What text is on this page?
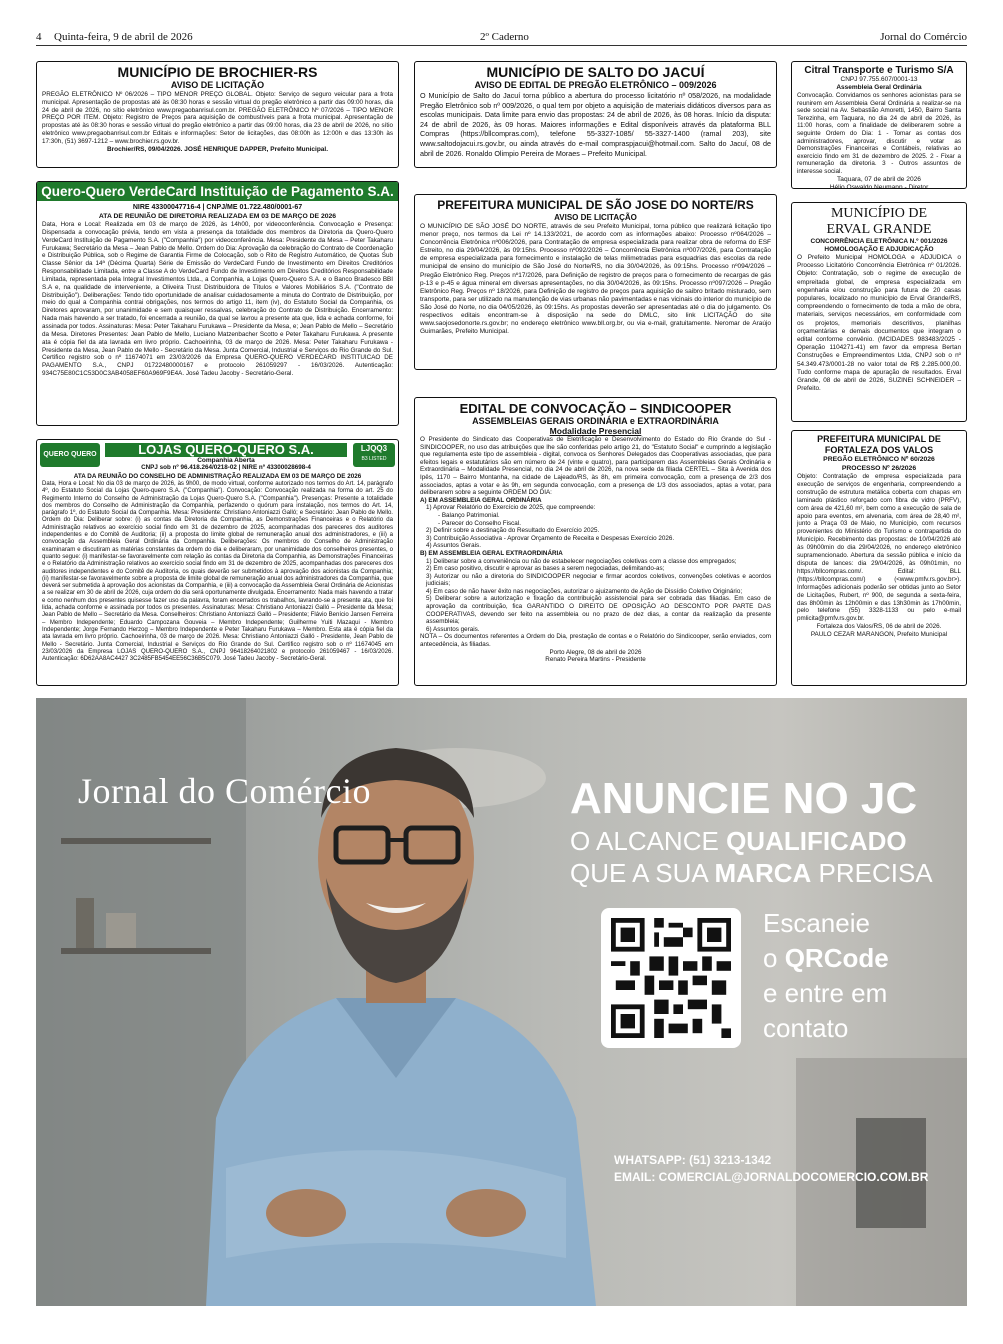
4 Quinta-feira, 9 de abril de 2026	2º Caderno	Jornal do Comércio
MUNICÍPIO DE BROCHIER-RS
AVISO DE LICITAÇÃO
PREGÃO ELETRÔNICO Nº 06/2026 – TIPO MENOR PREÇO GLOBAL. Objeto: Serviço de seguro veicular para a frota municipal. Apresentação de propostas até às 08:30 horas e sessão virtual do pregão eletrônico a partir das 09:00 horas, dia 24 de abril de 2026, no sítio eletrônico www.pregaobanrisul.com.br. PREGÃO ELETRÔNICO Nº 07/2026 – TIPO MENOR PREÇO POR ITEM. Objeto: Registro de Preços para aquisição de combustíveis para a frota municipal. Apresentação de propostas até às 08:30 horas e sessão virtual do pregão eletrônico a partir das 09:00 horas, dia 23 de abril de 2026, no sítio eletrônico www.pregaobanrisul.com.br Editais e informações: Setor de licitações, das 08:00h às 12:00h e das 13:30h às 17:30h, (51) 3697-1212 – www.brochier.rs.gov.br.
Brochier/RS, 09/04/2026. JOSÉ HENRIQUE DAPPER, Prefeito Municipal.
MUNICÍPIO DE SALTO DO JACUÍ
AVISO DE EDITAL DE PREGÃO ELETRÔNICO – 009/2026
O Município de Salto do Jacuí torna público a abertura do processo licitatório nº 058/2026, na modalidade Pregão Eletrônico sob nº 009/2026, o qual tem por objeto a aquisição de materiais didáticos diversos para as escolas municipais. Data limite para envio das propostas: 24 de abril de 2026, às 08 horas. Início da disputa: 24 de abril de 2026, às 09 horas. Maiores informações e Edital disponíveis através da plataforma BLL Compras (https://bllcompras.com), telefone 55-3327-1085/ 55-3327-1400 (ramal 203), site www.saltodojacui.rs.gov.br, ou ainda através do e-mail compraspjacui@hotmail.com. Salto do Jacuí, 08 de abril de 2026. Ronaldo Olimpio Pereira de Moraes – Prefeito Municipal.
Citral Transporte e Turismo S/A
CNPJ 97.755.607/0001-13
Assembleia Geral Ordinária
Convocação. Convidamos os senhores acionistas para se reunirem em Assembleia Geral Ordinária a realizar-se na sede social na Av. Sebastião Amoretti, 1450, Bairro Santa Terezinha, em Taquara, no dia 24 de abril de 2026, às 11:00 horas, com a finalidade de deliberarem sobre a seguinte Ordem do Dia: 1 - Tomar as contas dos administradores, aprovar, discutir e votar as Demonstrações Financeiras e Contábeis, relativas ao exercício findo em 31 de dezembro de 2025. 2 - Fixar a remuneração da diretoria. 3 - Outros assuntos de interesse social.
Taquara, 07 de abril de 2026
Hélio Oswaldo Neumann - Diretor
Quero-Quero VerdeCard Instituição de Pagamento S.A.
NIRE 43300047716-4 | CNPJ/ME 01.722.480/0001-67
ATA DE REUNIÃO DE DIRETORIA REALIZADA EM 03 DE MARÇO DE 2026
Data, Hora e Local: Realizada em 03 de março de 2026, às 14h00, por videoconferência. Convocação e Presença: Dispensada a convocação prévia, tendo em vista a presença da totalidade dos membros da Diretoria da Quero-Quero VerdeCard Instituição de Pagamento S.A. ("Companhia") por videoconferência. Mesa: Presidente da Mesa – Peter Takaharu Furukawa; Secretário da Mesa – Jean Pablo de Mello. Ordem do Dia: Aprovação da celebração do Contrato de Coordenação e Distribuição Pública, sob o Regime de Garantia Firme de Colocação, sob o Rito de Registro Automático, de Quotas Sub Classe Sênior da 14ª (Décima Quarta) Série de Emissão do VerdeCard Fundo de Investimento em Direitos Creditórios Responsabilidade Limitada, entre a Classe A do VerdeCard Fundo de Investimento em Direitos Creditórios Responsabilidade Limitada, representada pela Integral Investimentos Ltda., a Companhia, a Lojas Quero-Quero S.A. e o Banco Bradesco BBI S.A e, na qualidade de interveniente, a Oliveira Trust Distribuidora de Títulos e Valores Mobiliários S.A. ("Contrato de Distribuição"). Deliberações: Tendo tido oportunidade de analisar cuidadosamente a minuta do Contrato de Distribuição, por meio do qual a Companhia contrai obrigações, nos termos do artigo 11, item (iv), do Estatuto Social da Companhia, os Diretores aprovaram, por unanimidade e sem quaisquer ressalvas, celebração do Contrato de Distribuição. Encerramento: Nada mais havendo a ser tratado, foi encerrada a reunião, da qual se lavrou a presente ata que, lida e achada conforme, foi assinada por todos. Assinaturas: Mesa: Peter Takaharu Furukawa – Presidente da Mesa, e; Jean Pablo de Mello – Secretário da Mesa. Diretores Presentes: Jean Pablo de Mello, Luciano Matzenbacher Scotto e Peter Takaharu Furukawa. A presente ata é cópia fiel da ata lavrada em livro próprio. Cachoeirinha, 03 de março de 2026. Mesa: Peter Takaharu Furukawa - Presidente da Mesa, Jean Pablo de Mello - Secretário da Mesa. Junta Comercial, Industrial e Serviços do Rio Grande do Sul. Certifico registro sob o nº 11674071 em 23/03/2026 da Empresa QUERO-QUERO VERDECARD INSTITUICAO DE PAGAMENTO S.A., CNPJ 01722480000167 e protocolo 261059297 - 16/03/2026. Autenticação: 934C75E80C1C53D0C3AB4058EF60A969F9E4A. José Tadeu Jacoby - Secretário-Geral.
PREFEITURA MUNICIPAL DE SÃO JOSE DO NORTE/RS
AVISO DE LICITAÇÃO
O MUNICÍPIO DE SÃO JOSÉ DO NORTE, através de seu Prefeito Municipal, torna público que realizará licitação tipo menor preço, nos termos da Lei nº 14.133/2021, de acordo com as informações abaixo: Processo nº064/2026 – Concorrência Eletrônica nº006/2026, para Contratação de empresa especializada para realizar obra de reforma do ESF Estreito, no dia 29/04/2026, às 09:15hs. Processo nº092/2026 – Concorrência Eletrônica nº007/2026, para Contratação de empresa especializada para fornecimento e instalação de telas milimetradas para esquadrias das escolas da rede municipal de ensino do município de São José do Norte/RS, no dia 30/04/2026, às 09:15hs. Processo nº094/2026 – Pregão Eletrônico Reg. Preços nº17/2026, para Definição de registro de preços para o fornecimento de recargas de gás p-13 e p-45 e água mineral em diversas apresentações, no dia 30/04/2026, às 09:15hs. Processo nº097/2026 – Pregão Eletrônico Reg. Preços nº 18/2026, para Definição de registro de preços para aquisição de saibro britado misturado, sem transporte, para ser utilizado na manutenção de vias urbanas não pavimentadas e nas vicinais do interior do município de São José do Norte, no dia 04/05/2026, às 09:15hs. As propostas deverão ser apresentadas até o dia do julgamento. Os respectivos editais encontram-se à disposição na sede do DMLC, sito link LICITAÇÃO do site www.saojosedonorte.rs.gov.br; no endereço eletrônico www.bll.org.br, ou via e-mail, gratuitamente. Neromar de Araújo Guimarães, Prefeito Municipal.
MUNICÍPIO DE
ERVAL GRANDE
CONCORRÊNCIA ELETRÔNICA N.º 001/2026
HOMOLOGAÇÃO E ADJUDICAÇÃO
O Prefeito Municipal HOMOLOGA e ADJUDICA o Processo Licitatório Concorrência Eletrônica nº 01/2026. Objeto: Contratação, sob o regime de execução de empreitada global, de empresa especializada em engenharia e/ou construção para futura de 20 casas populares, localizado no município de Erval Grande/RS, compreendendo o fornecimento de toda a mão de obra, materiais, serviços necessários, em conformidade com os projetos, memoriais descritivos, planilhas orçamentárias e demais documentos que integram o edital conforme convênio. (MCIDADES 983483/2025 - Operação 1104271-41) em favor da empresa Bertan Construções e Empreendimentos Ltda, CNPJ sob o nº 54.349.473/0001-28 no valor total de R$ 2.285.000,00. Tudo conforme mapa de apuração de resultados. Erval Grande, 08 de abril de 2026, SUZINEI SCHNEIDER – Prefeito.
QUERO QUERO	LOJAS QUERO-QUERO S.A.
Companhia Aberta
CNPJ sob nº 96.418.264/0218-02 | NIRE nº 43300028698-4
LJQQ3
B3 LISTED
ATA DA REUNIÃO DO CONSELHO DE ADMINISTRAÇÃO REALIZADA EM 03 DE MARÇO DE 2026
Data, Hora e Local: No dia 03 de março de 2026, às 9h00, de modo virtual, conforme autorizado nos termos do Art. 14, parágrafo 4º, do Estatuto Social da Lojas Quero-quero S.A. ("Companhia"). Convocação: Convocação realizada na forma do art. 25 do Regimento Interno do Conselho de Administração da Lojas Quero-Quero S.A. ("Companhia"). Presenças: Presente a totalidade dos membros do Conselho de Administração da Companhia, perfazendo o quórum para instalação, nos termos do Art. 14, parágrafo 1º, do Estatuto Social da Companhia. Mesa: Presidente: Christiano Antoniazzi Galló; e Secretário: Jean Pablo de Mello. Ordem do Dia: Deliberar sobre: (i) as contas da Diretoria da Companhia, as Demonstrações Financeiras e o Relatório da Administração relativos ao exercício social findo em 31 de dezembro de 2025, acompanhadas dos pareceres dos auditores independentes e do Comitê de Auditoria; (ii) a proposta do limite global de remuneração anual dos administradores, e (iii) a convocação da Assembleia Geral Ordinária da Companhia. Deliberações: Os membros do Conselho de Administração examinaram e discutiram as matérias constantes da ordem do dia e deliberaram, por unanimidade dos conselheiros presentes, o quanto segue: (i) manifestar-se favoravelmente com relação às contas da Diretoria da Companhia, as Demonstrações Financeiras e o Relatório da Administração relativos ao exercício social findo em 31 de dezembro de 2025, acompanhadas dos pareceres dos auditores independentes e do Comitê de Auditoria, os quais deverão ser submetidos à aprovação dos acionistas da Companhia; (ii) manifestar-se favoravelmente sobre a proposta de limite global de remuneração anual dos administradores da Companhia, que deverá ser submetida à aprovação dos acionistas da Companhia, e (iii) a convocação da Assembleia Geral Ordinária de Acionistas a se realizar em 30 de abril de 2026, cuja ordem do dia será oportunamente divulgada. Encerramento: Nada mais havendo a tratar e como nenhum dos presentes quisesse fazer uso da palavra, foram encerrados os trabalhos, lavrando-se a presente ata, que foi lida, achada conforme e assinada por todos os presentes. Assinaturas: Mesa: Christiano Antoniazzi Galló – Presidente da Mesa; Jean Pablo de Mello – Secretário da Mesa. Conselheiros: Christiano Antoniazzi Galló – Presidente; Flávio Benício Jansen Ferreira – Membro Independente; Eduardo Campozana Gouveia – Membro Independente; Guilherme Yuiti Mazaqui - Membro Independente; Jorge Fernando Herzog – Membro Independente e Peter Takaharu Furukawa – Membro. Esta ata é cópia fiel da ata lavrada em livro próprio. Cachoeirinha, 03 de março de 2026. Mesa: Christiano Antoniazzi Galló - Presidente, Jean Pablo de Mello - Secretário. Junta Comercial, Industrial e Serviços do Rio Grande do Sul. Certifico registro sob o nº 11674045 em 23/03/2026 da Empresa LOJAS QUERO-QUERO S.A., CNPJ 96418264021802 e protocolo 261059467 - 16/03/2026. Autenticação: 6D62AA8AC4427 3C2485FB5454EE56C36B5C079. José Tadeu Jacoby - Secretário-Geral.
EDITAL DE CONVOCAÇÃO – SINDICOOPER
ASSEMBLEIAS GERAIS ORDINÁRIA e EXTRAORDINÁRIA
Modalidade Presencial
O Presidente do Sindicato das Cooperativas de Eletrificação e Desenvolvimento do Estado do Rio Grande do Sul - SINDICOOPER, no uso das atribuições que lhe são conferidas pelo artigo 21, do "Estatuto Social" e cumprindo a legislação que regulamenta este tipo de assembleia - digital, convoca os Senhores Delegados das Cooperativas associadas, que para efeitos legais e estatutários são em número de 24 (vinte e quatro), para participarem das Assembleias Gerais Ordinária e Extraordinária – Modalidade Presencial, no dia 24 de abril de 2026, na nova sede da filiada CERTEL – Sita à Avenida dos Ipês, 1170 – Bairro Montanha, na cidade de Lajeado/RS, às 8h, em primeira convocação, com a presença de 2/3 dos associados, aptas a votar e às 9h, em segunda convocação, com a presença de 1/3 dos associados, aptas a votar, para deliberarem sobre a seguinte ORDEM DO DIA:
A) EM ASSEMBLEIA GERAL ORDINÁRIA
1) Aprovar Relatório do Exercício de 2025, que compreende:
- Balanço Patrimonial.
- Parecer do Conselho Fiscal.
2) Definir sobre a destinação do Resultado do Exercício 2025.
3) Contribuição Associativa - Aprovar Orçamento de Receita e Despesas Exercício 2026.
4) Assuntos Gerais.
B) EM ASSEMBLEIA GERAL EXTRAORDINÁRIA
1) Deliberar sobre a conveniência ou não de estabelecer negociações coletivas com a classe dos empregados;
2) Em caso positivo, discutir e aprovar as bases a serem negociadas, delimitando-as;
3) Autorizar ou não a diretoria do SINDICOOPER negociar e firmar acordos coletivos, convenções coletivas e acordos judiciais;
4) Em caso de não haver êxito nas negociações, autorizar o ajuizamento de Ação de Dissídio Coletivo Originário;
5) Deliberar sobre a autorização e fixação da contribuição assistencial para ser cobrada das filiadas. Em caso de aprovação da contribuição, fica GARANTIDO O DIREITO DE OPOSIÇÃO AO DESCONTO POR PARTE DAS COOPERATIVAS, devendo ser feito na assembleia ou no prazo de dez dias, a contar da realização da presente assembleia;
6) Assuntos gerais.
NOTA – Os documentos referentes a Ordem do Dia, prestação de contas e o Relatório do Sindicooper, serão enviados, com antecedência, às filiadas.
Porto Alegre, 08 de abril de 2026
Renato Pereira Martins - Presidente
PREFEITURA MUNICIPAL DE FORTALEZA DOS VALOS
PREGÃO ELETRÔNICO Nº 60/2026
PROCESSO Nº 26/2026
Objeto: Contratação de empresa especializada para execução de serviços de engenharia, compreendendo a construção de estrutura metálica coberta com chapas em laminado plástico reforçado com fibra de vidro (PRFV), com área de 421,60 m², bem como a execução de sala de apoio para eventos, em alvenaria, com área de 28,40 m², junto a Praça 03 de Maio, no Município, com recursos provenientes do Ministério do Turismo e contrapartida do Município. Recebimento das propostas: de 10/04/2026 até às 09h00min do dia 29/04/2026, no endereço eletrônico supramencionado. Abertura da sessão pública e início da disputa de lances: dia 29/04/2026, às 09h01min, no https://bllcompras.com/. Edital: BLL (https://bllcompras.com/) e (<www.pmfv.rs.gov.br>). Informações adicionais poderão ser obtidas junto ao Setor de Licitações, Rubert, nº 900, de segunda a sexta-feira, das 8h00min às 12h00min e das 13h30min às 17h00min, pelo telefone (55) 3328-1133 ou pelo e-mail pmlicita@pmfv.rs.gov.br.
Fortaleza dos Valos/RS, 06 de abril de 2026.
PAULO CEZAR MARANGON, Prefeito Municipal
Jornal do Comércio	ANUNCIE NO JC
O ALCANCE QUALIFICADO
QUE A SUA MARCA PRECISA
Escaneie
o QRCode
e entre em
contato
WHATSAPP: (51) 3213-1342
EMAIL: COMERCIAL@JORNALDOCOMERCIO.COM.BR
